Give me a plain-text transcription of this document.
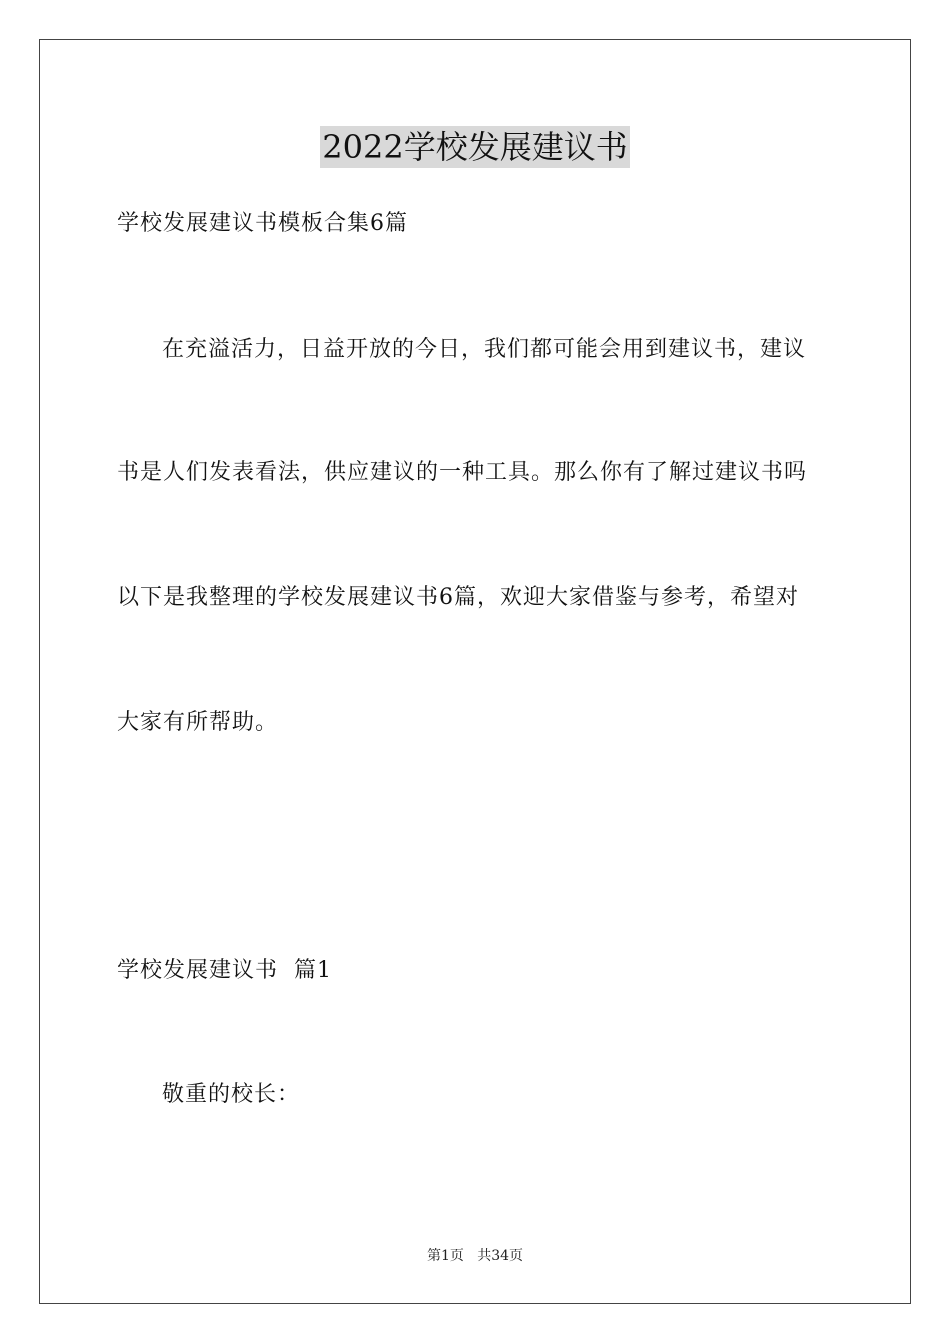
2022学校发展建议书
学校发展建议书模板合集6篇
在充溢活力，日益开放的今日，我们都可能会用到建议书，建议
书是人们发表看法，供应建议的一种工具。那么你有了解过建议书吗
以下是我整理的学校发展建议书6篇，欢迎大家借鉴与参考，希望对
大家有所帮助。
学校发展建议书  篇1
敬重的校长：
第1页   共34页
